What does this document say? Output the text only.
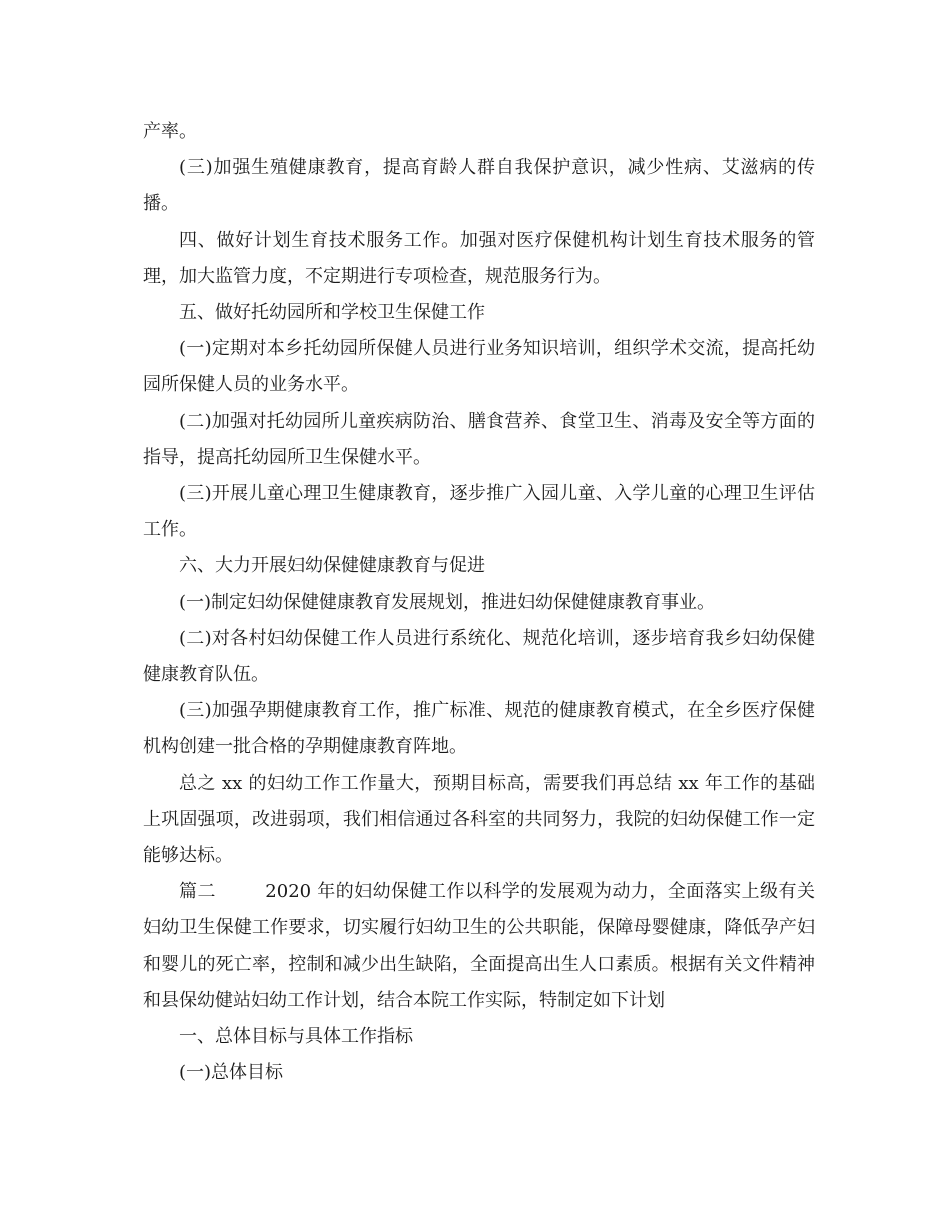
产率。

(三)加强生殖健康教育，提高育龄人群自我保护意识，减少性病、艾滋病的传播。

四、做好计划生育技术服务工作。加强对医疗保健机构计划生育技术服务的管理，加大监管力度，不定期进行专项检查，规范服务行为。

五、做好托幼园所和学校卫生保健工作

(一)定期对本乡托幼园所保健人员进行业务知识培训，组织学术交流，提高托幼园所保健人员的业务水平。

(二)加强对托幼园所儿童疾病防治、膳食营养、食堂卫生、消毒及安全等方面的指导，提高托幼园所卫生保健水平。

(三)开展儿童心理卫生健康教育，逐步推广入园儿童、入学儿童的心理卫生评估工作。

六、大力开展妇幼保健健康教育与促进

(一)制定妇幼保健健康教育发展规划，推进妇幼保健健康教育事业。

(二)对各村妇幼保健工作人员进行系统化、规范化培训，逐步培育我乡妇幼保健健康教育队伍。

(三)加强孕期健康教育工作，推广标准、规范的健康教育模式，在全乡医疗保健机构创建一批合格的孕期健康教育阵地。

总之 xx 的妇幼工作工作量大，预期目标高，需要我们再总结 xx 年工作的基础上巩固强项，改进弱项，我们相信通过各科室的共同努力，我院的妇幼保健工作一定能够达标。

篇二        2020 年的妇幼保健工作以科学的发展观为动力，全面落实上级有关妇幼卫生保健工作要求，切实履行妇幼卫生的公共职能，保障母婴健康，降低孕产妇和婴儿的死亡率，控制和减少出生缺陷，全面提高出生人口素质。根据有关文件精神和县保幼健站妇幼工作计划，结合本院工作实际，特制定如下计划

一、总体目标与具体工作指标

(一)总体目标
